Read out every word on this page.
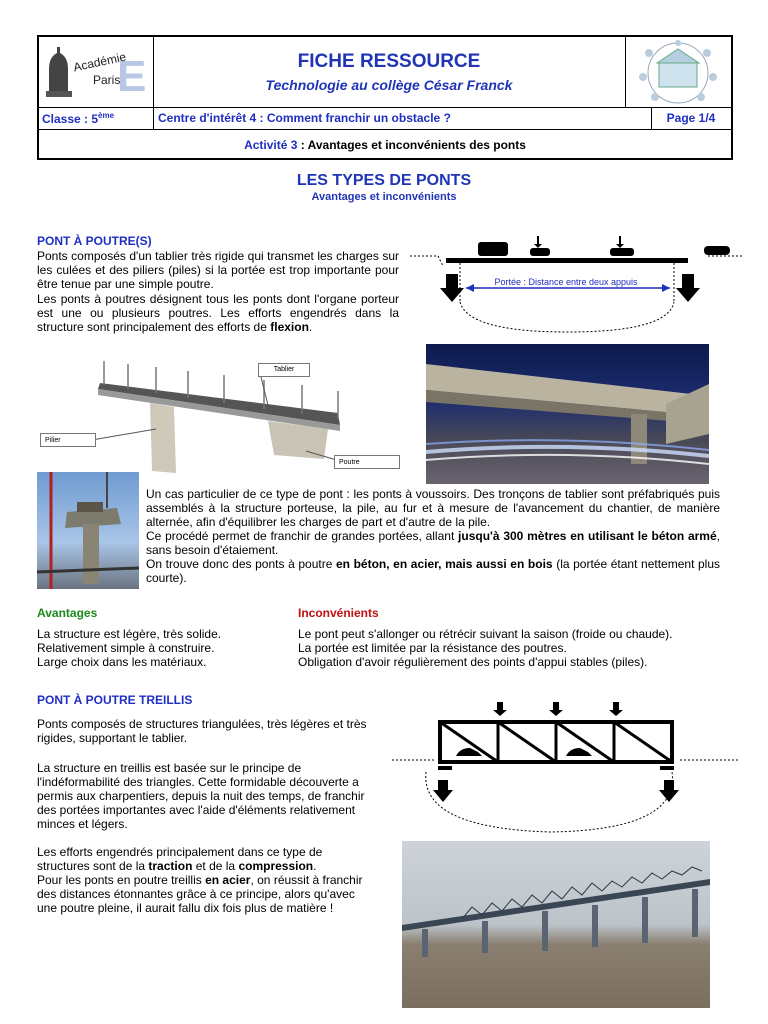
E
Académie
Paris
FICHE RESSOURCE
Technologie au collège César Franck
Classe : 5ème	Centre d'intérêt 4 : Comment franchir un obstacle ?	Page 1/4
Activité 3 : Avantages et inconvénients des ponts
LES TYPES DE PONTS
Avantages et inconvénients
PONT À POUTRE(S)
Ponts composés d'un tablier très rigide qui transmet les charges sur les culées et des piliers (piles) si la portée est trop importante pour être tenue par une simple poutre.
Les ponts à poutres désignent tous les ponts dont l'organe porteur est une ou plusieurs poutres. Les efforts engendrés dans la structure sont principalement des efforts de flexion.
Portée : Distance entre deux appuis
Tablier
Pilier
Poutre
Un cas particulier de ce type de pont : les ponts à voussoirs. Des tronçons de tablier sont préfabriqués puis assemblés à la structure porteuse, la pile, au fur et à mesure de l'avancement du chantier, de manière alternée, afin d'équilibrer les charges de part et d'autre de la pile.
Ce procédé permet de franchir de grandes portées, allant jusqu'à 300 mètres en utilisant le béton armé, sans besoin d'étaiement.
On trouve donc des ponts à poutre en béton, en acier, mais aussi en bois (la portée étant nettement plus courte).
Avantages
La structure est légère, très solide.
Relativement simple à construire.
Large choix dans les matériaux.
Inconvénients
Le pont peut s'allonger ou rétrécir suivant la saison (froide ou chaude).
La portée est limitée par la résistance des poutres.
Obligation d'avoir régulièrement des points d'appui stables (piles).
PONT À POUTRE TREILLIS
Ponts composés de structures triangulées, très légères et très rigides, supportant le tablier.
La structure en treillis est basée sur le principe de l'indéformabilité des triangles. Cette formidable découverte a permis aux charpentiers, depuis la nuit des temps, de franchir des portées importantes avec l'aide d'éléments relativement minces et légers.
Les efforts engendrés principalement dans ce type de structures sont de la traction et de la compression.
Pour les ponts en poutre treillis en acier, on réussit à franchir des distances étonnantes grâce à ce principe, alors qu'avec une poutre pleine, il aurait fallu dix fois plus de matière !
